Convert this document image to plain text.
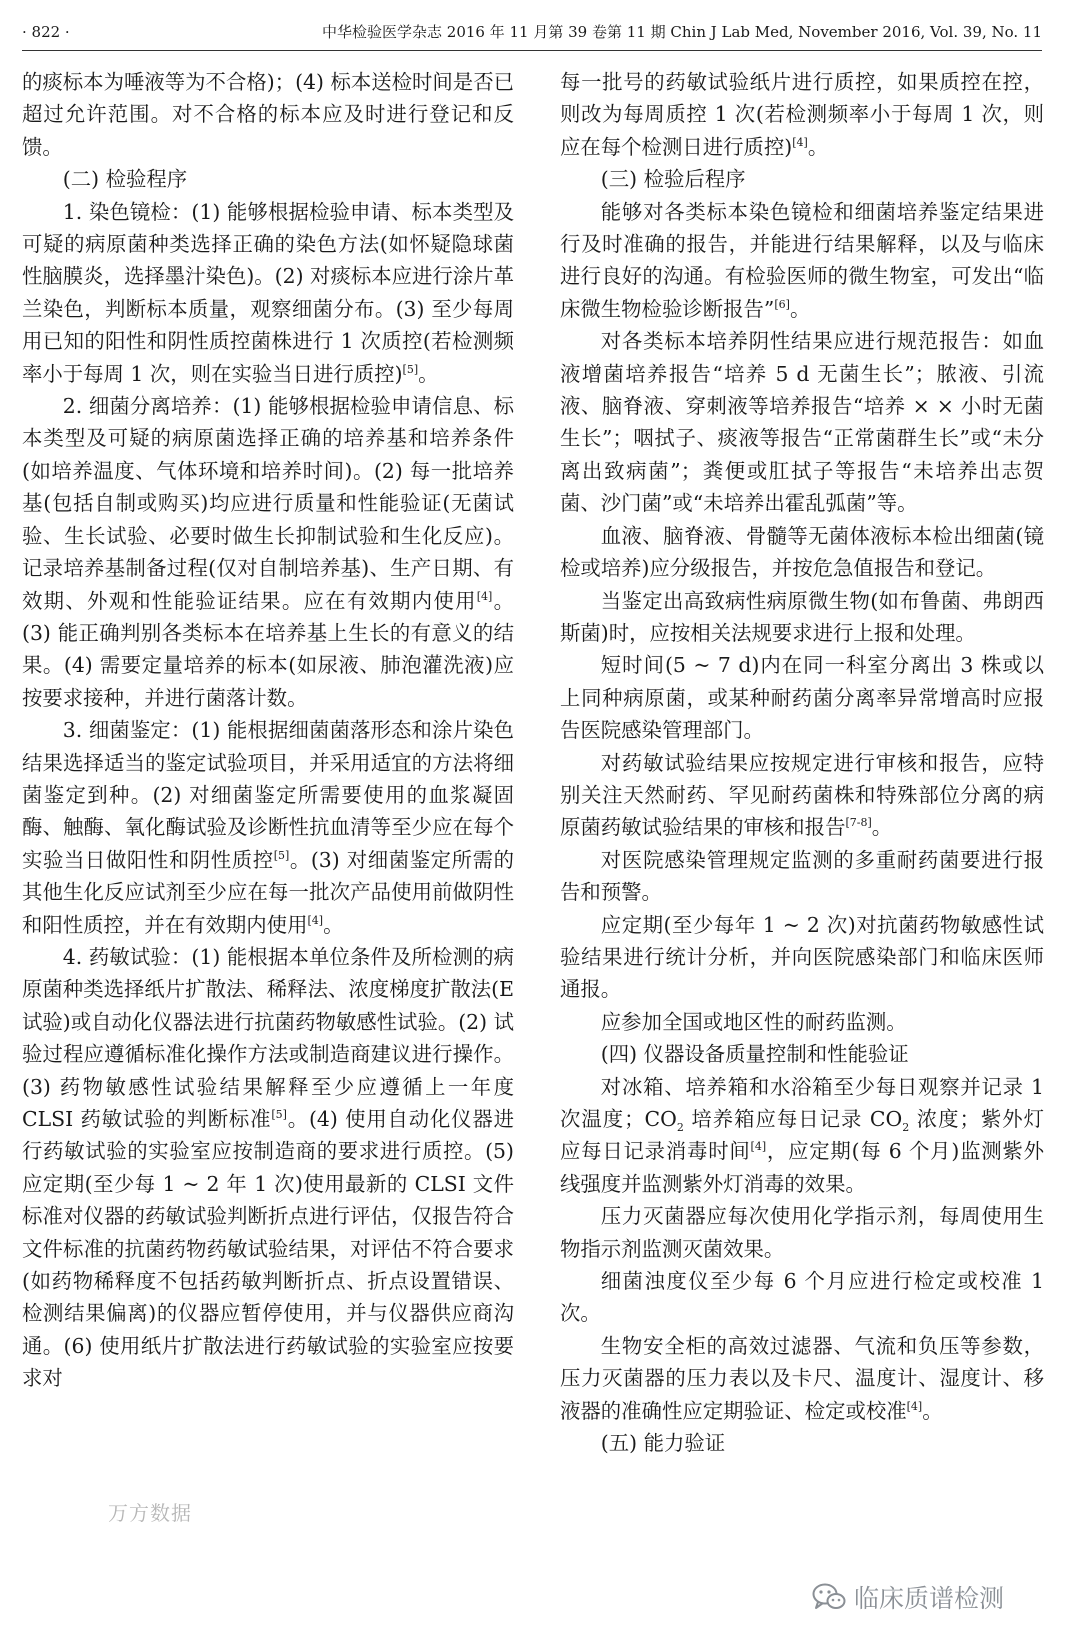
· 822 ·	中华检验医学杂志 2016 年 11 月第 39 卷第 11 期 Chin J Lab Med, November 2016, Vol. 39, No. 11

的痰标本为唾液等为不合格)；(4) 标本送检时间是否已超过允许范围。对不合格的标本应及时进行登记和反馈。

(二) 检验程序

1. 染色镜检：(1) 能够根据检验申请、标本类型及可疑的病原菌种类选择正确的染色方法(如怀疑隐球菌性脑膜炎，选择墨汁染色)。(2) 对痰标本应进行涂片革兰染色，判断标本质量，观察细菌分布。(3) 至少每周用已知的阳性和阴性质控菌株进行 1 次质控(若检测频率小于每周 1 次，则在实验当日进行质控)[5]。

2. 细菌分离培养：(1) 能够根据检验申请信息、标本类型及可疑的病原菌选择正确的培养基和培养条件(如培养温度、气体环境和培养时间)。(2) 每一批培养基(包括自制或购买)均应进行质量和性能验证(无菌试验、生长试验、必要时做生长抑制试验和生化反应)。记录培养基制备过程(仅对自制培养基)、生产日期、有效期、外观和性能验证结果。应在有效期内使用[4]。(3) 能正确判别各类标本在培养基上生长的有意义的结果。(4) 需要定量培养的标本(如尿液、肺泡灌洗液)应按要求接种，并进行菌落计数。

3. 细菌鉴定：(1) 能根据细菌菌落形态和涂片染色结果选择适当的鉴定试验项目，并采用适宜的方法将细菌鉴定到种。(2) 对细菌鉴定所需要使用的血浆凝固酶、触酶、氧化酶试验及诊断性抗血清等至少应在每个实验当日做阳性和阴性质控[5]。(3) 对细菌鉴定所需的其他生化反应试剂至少应在每一批次产品使用前做阴性和阳性质控，并在有效期内使用[4]。

4. 药敏试验：(1) 能根据本单位条件及所检测的病原菌种类选择纸片扩散法、稀释法、浓度梯度扩散法(E 试验)或自动化仪器法进行抗菌药物敏感性试验。(2) 试验过程应遵循标准化操作方法或制造商建议进行操作。(3) 药物敏感性试验结果解释至少应遵循上一年度 CLSI 药敏试验的判断标准[5]。(4) 使用自动化仪器进行药敏试验的实验室应按制造商的要求进行质控。(5) 应定期(至少每 1 ~ 2 年 1 次)使用最新的 CLSI 文件标准对仪器的药敏试验判断折点进行评估，仅报告符合文件标准的抗菌药物药敏试验结果，对评估不符合要求(如药物稀释度不包括药敏判断折点、折点设置错误、检测结果偏离)的仪器应暂停使用，并与仪器供应商沟通。(6) 使用纸片扩散法进行药敏试验的实验室应按要求对

每一批号的药敏试验纸片进行质控，如果质控在控，则改为每周质控 1 次(若检测频率小于每周 1 次，则应在每个检测日进行质控)[4]。

(三) 检验后程序

能够对各类标本染色镜检和细菌培养鉴定结果进行及时准确的报告，并能进行结果解释，以及与临床进行良好的沟通。有检验医师的微生物室，可发出“临床微生物检验诊断报告”[6]。

对各类标本培养阴性结果应进行规范报告：如血液增菌培养报告“培养 5 d 无菌生长”；脓液、引流液、脑脊液、穿刺液等培养报告“培养 × × 小时无菌生长”；咽拭子、痰液等报告“正常菌群生长”或“未分离出致病菌”；粪便或肛拭子等报告“未培养出志贺菌、沙门菌”或“未培养出霍乱弧菌”等。

血液、脑脊液、骨髓等无菌体液标本检出细菌(镜检或培养)应分级报告，并按危急值报告和登记。

当鉴定出高致病性病原微生物(如布鲁菌、弗朗西斯菌)时，应按相关法规要求进行上报和处理。

短时间(5 ~ 7 d)内在同一科室分离出 3 株或以上同种病原菌，或某种耐药菌分离率异常增高时应报告医院感染管理部门。

对药敏试验结果应按规定进行审核和报告，应特别关注天然耐药、罕见耐药菌株和特殊部位分离的病原菌药敏试验结果的审核和报告[7-8]。

对医院感染管理规定监测的多重耐药菌要进行报告和预警。

应定期(至少每年 1 ~ 2 次)对抗菌药物敏感性试验结果进行统计分析，并向医院感染部门和临床医师通报。

应参加全国或地区性的耐药监测。

(四) 仪器设备质量控制和性能验证

对冰箱、培养箱和水浴箱至少每日观察并记录 1 次温度；$CO_2$ 培养箱应每日记录 $CO_2$ 浓度；紫外灯应每日记录消毒时间[4]，应定期(每 6 个月)监测紫外线强度并监测紫外灯消毒的效果。

压力灭菌器应每次使用化学指示剂，每周使用生物指示剂监测灭菌效果。

细菌浊度仪至少每 6 个月应进行检定或校准 1 次。

生物安全柜的高效过滤器、气流和负压等参数，压力灭菌器的压力表以及卡尺、温度计、湿度计、移液器的准确性应定期验证、检定或校准[4]。

(五) 能力验证

万方数据
临床质谱检测
